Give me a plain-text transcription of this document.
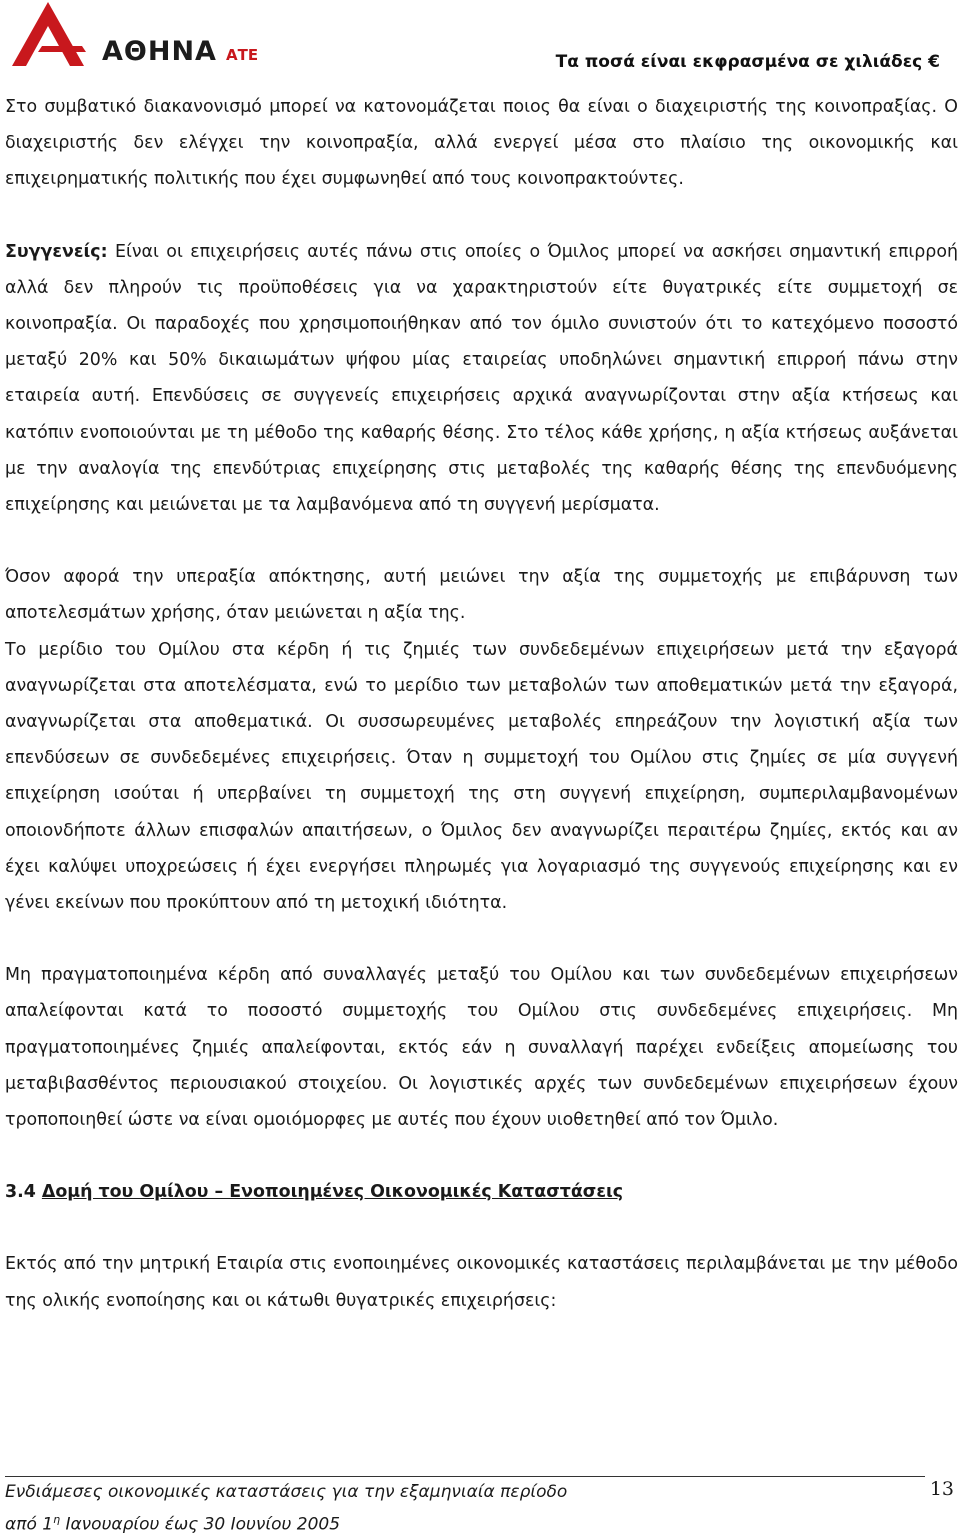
ΑΘΗΝΑ ΑΤΕ	Τα ποσά είναι εκφρασμένα σε χιλιάδες €

Στο συμβατικό διακανονισμό μπορεί να κατονομάζεται ποιος θα είναι ο διαχειριστής της κοινοπραξίας. Ο διαχειριστής δεν ελέγχει την κοινοπραξία, αλλά ενεργεί μέσα στο πλαίσιο της οικονομικής και επιχειρηματικής πολιτικής που έχει συμφωνηθεί από τους κοινοπρακτούντες.

Συγγενείς: Είναι οι επιχειρήσεις αυτές πάνω στις οποίες ο Όμιλος μπορεί να ασκήσει σημαντική επιρροή αλλά δεν πληρούν τις προϋποθέσεις για να χαρακτηριστούν είτε θυγατρικές είτε συμμετοχή σε κοινοπραξία. Οι παραδοχές που χρησιμοποιήθηκαν από τον όμιλο συνιστούν ότι το κατεχόμενο ποσοστό μεταξύ 20% και 50% δικαιωμάτων ψήφου μίας εταιρείας υποδηλώνει σημαντική επιρροή πάνω στην εταιρεία αυτή. Επενδύσεις σε συγγενείς επιχειρήσεις αρχικά αναγνωρίζονται στην αξία κτήσεως και κατόπιν ενοποιούνται με τη μέθοδο της καθαρής θέσης. Στο τέλος κάθε χρήσης, η αξία κτήσεως αυξάνεται με την αναλογία της επενδύτριας επιχείρησης στις μεταβολές της καθαρής θέσης της επενδυόμενης επιχείρησης και μειώνεται με τα λαμβανόμενα από τη συγγενή μερίσματα.

Όσον αφορά την υπεραξία απόκτησης, αυτή μειώνει την αξία της συμμετοχής με επιβάρυνση των αποτελεσμάτων χρήσης, όταν μειώνεται η αξία της.

Το μερίδιο του Ομίλου στα κέρδη ή τις ζημιές των συνδεδεμένων επιχειρήσεων μετά την εξαγορά αναγνωρίζεται στα αποτελέσματα, ενώ το μερίδιο των μεταβολών των αποθεματικών μετά την εξαγορά, αναγνωρίζεται στα αποθεματικά. Οι συσσωρευμένες μεταβολές επηρεάζουν την λογιστική αξία των επενδύσεων σε συνδεδεμένες επιχειρήσεις. Όταν η συμμετοχή του Ομίλου στις ζημίες σε μία συγγενή επιχείρηση ισούται ή υπερβαίνει τη συμμετοχή της στη συγγενή επιχείρηση, συμπεριλαμβανομένων οποιονδήποτε άλλων επισφαλών απαιτήσεων, ο Όμιλος δεν αναγνωρίζει περαιτέρω ζημίες, εκτός και αν έχει καλύψει υποχρεώσεις ή έχει ενεργήσει πληρωμές για λογαριασμό της συγγενούς επιχείρησης και εν γένει εκείνων που προκύπτουν από τη μετοχική ιδιότητα.

Μη πραγματοποιημένα κέρδη από συναλλαγές μεταξύ του Ομίλου και των συνδεδεμένων επιχειρήσεων απαλείφονται κατά το ποσοστό συμμετοχής του Ομίλου στις συνδεδεμένες επιχειρήσεις. Μη πραγματοποιημένες ζημιές απαλείφονται, εκτός εάν η συναλλαγή παρέχει ενδείξεις απομείωσης του μεταβιβασθέντος περιουσιακού στοιχείου. Οι λογιστικές αρχές των συνδεδεμένων επιχειρήσεων έχουν τροποποιηθεί ώστε να είναι ομοιόμορφες με αυτές που έχουν υιοθετηθεί από τον Όμιλο.

3.4 Δομή του Ομίλου – Ενοποιημένες Οικονομικές Καταστάσεις

Εκτός από την μητρική Εταιρία στις ενοποιημένες οικονομικές καταστάσεις περιλαμβάνεται με την μέθοδο της ολικής ενοποίησης και οι κάτωθι θυγατρικές επιχειρήσεις:

Ενδιάμεσες οικονομικές καταστάσεις για την εξαμηνιαία περίοδο
από $1^\eta$ Ιανουαρίου έως 30 Ιουνίου 2005
13
